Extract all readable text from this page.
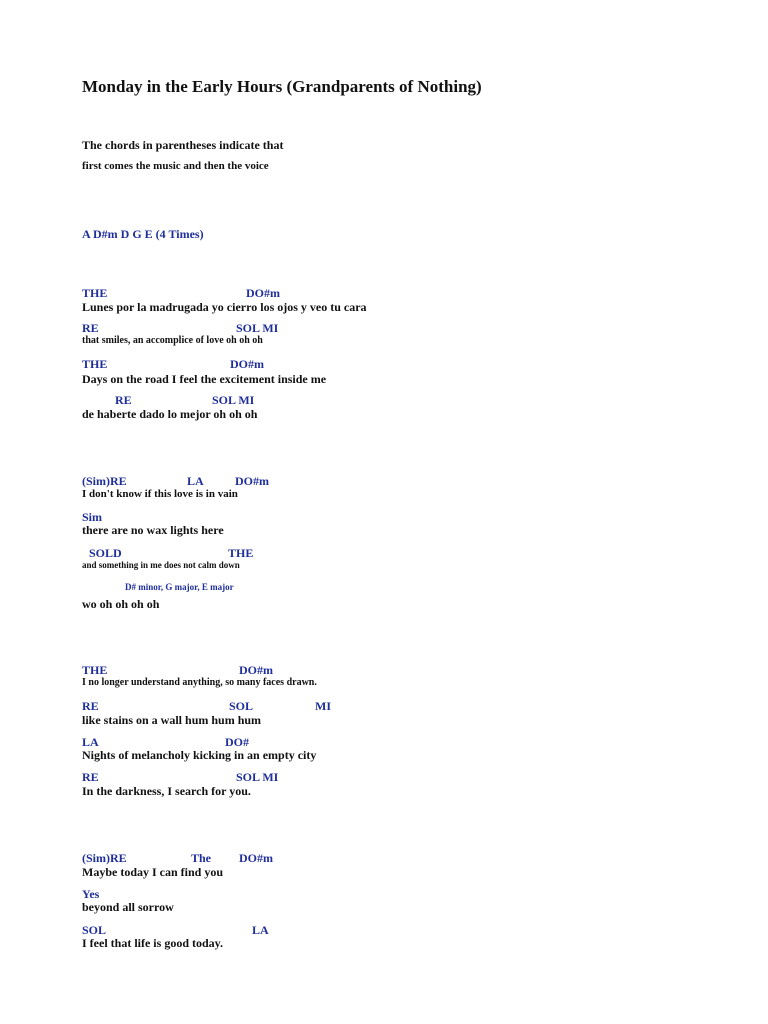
Monday in the Early Hours (Grandparents of Nothing)
The chords in parentheses indicate that
first comes the music and then the voice
A D#m D G E (4 Times)
THE	DO#m
Lunes por la madrugada yo cierro los ojos y veo tu cara
RE	SOL MI
that smiles, an accomplice of love oh oh oh
THE	DO#m
Days on the road I feel the excitement inside me
RE	SOL MI
de haberte dado lo mejor oh oh oh
(Sim)RE	LA	DO#m
I don't know if this love is in vain
Sim
there are no wax lights here
SOLD	THE
and something in me does not calm down
D# minor, G major, E major
wo oh oh oh oh
THE	DO#m
I no longer understand anything, so many faces drawn.
RE	SOL	MI
like stains on a wall hum hum hum
LA	DO#
Nights of melancholy kicking in an empty city
RE	SOL MI
In the darkness, I search for you.
(Sim)RE	The DO#m
Maybe today I can find you
Yes
beyond all sorrow
SOL	LA
I feel that life is good today.
